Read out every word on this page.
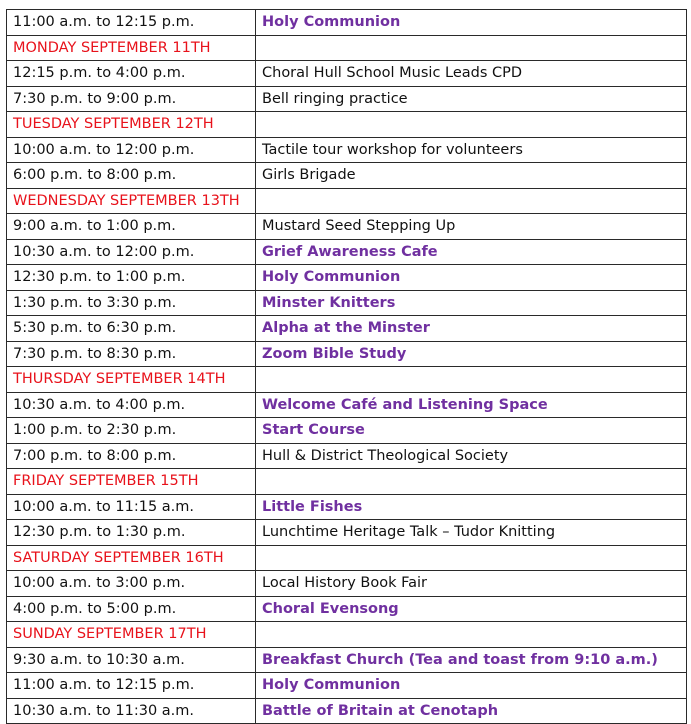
11:00 a.m. to 12:15 p.m.	Holy Communion
MONDAY SEPTEMBER 11TH	
12:15 p.m. to 4:00 p.m.	Choral Hull School Music Leads CPD
7:30 p.m. to 9:00 p.m.	Bell ringing practice
TUESDAY SEPTEMBER 12TH	
10:00 a.m. to 12:00 p.m.	Tactile tour workshop for volunteers
6:00 p.m. to 8:00 p.m.	Girls Brigade
WEDNESDAY SEPTEMBER 13TH	
9:00 a.m. to 1:00 p.m.	Mustard Seed Stepping Up
10:30 a.m. to 12:00 p.m.	Grief Awareness Cafe
12:30 p.m. to 1:00 p.m.	Holy Communion
1:30 p.m. to 3:30 p.m.	Minster Knitters
5:30 p.m. to 6:30 p.m.	Alpha at the Minster
7:30 p.m. to 8:30 p.m.	Zoom Bible Study
THURSDAY SEPTEMBER 14TH	
10:30 a.m. to 4:00 p.m.	Welcome Café and Listening Space
1:00 p.m. to 2:30 p.m.	Start Course
7:00 p.m. to 8:00 p.m.	Hull & District Theological Society
FRIDAY SEPTEMBER 15TH	
10:00 a.m. to 11:15 a.m.	Little Fishes
12:30 p.m. to 1:30 p.m.	Lunchtime Heritage Talk – Tudor Knitting
SATURDAY SEPTEMBER 16TH	
10:00 a.m. to 3:00 p.m.	Local History Book Fair
4:00 p.m. to 5:00 p.m.	Choral Evensong
SUNDAY SEPTEMBER 17TH	
9:30 a.m. to 10:30 a.m.	Breakfast Church (Tea and toast from 9:10 a.m.)
11:00 a.m. to 12:15 p.m.	Holy Communion
10:30 a.m. to 11:30 a.m.	Battle of Britain at Cenotaph
